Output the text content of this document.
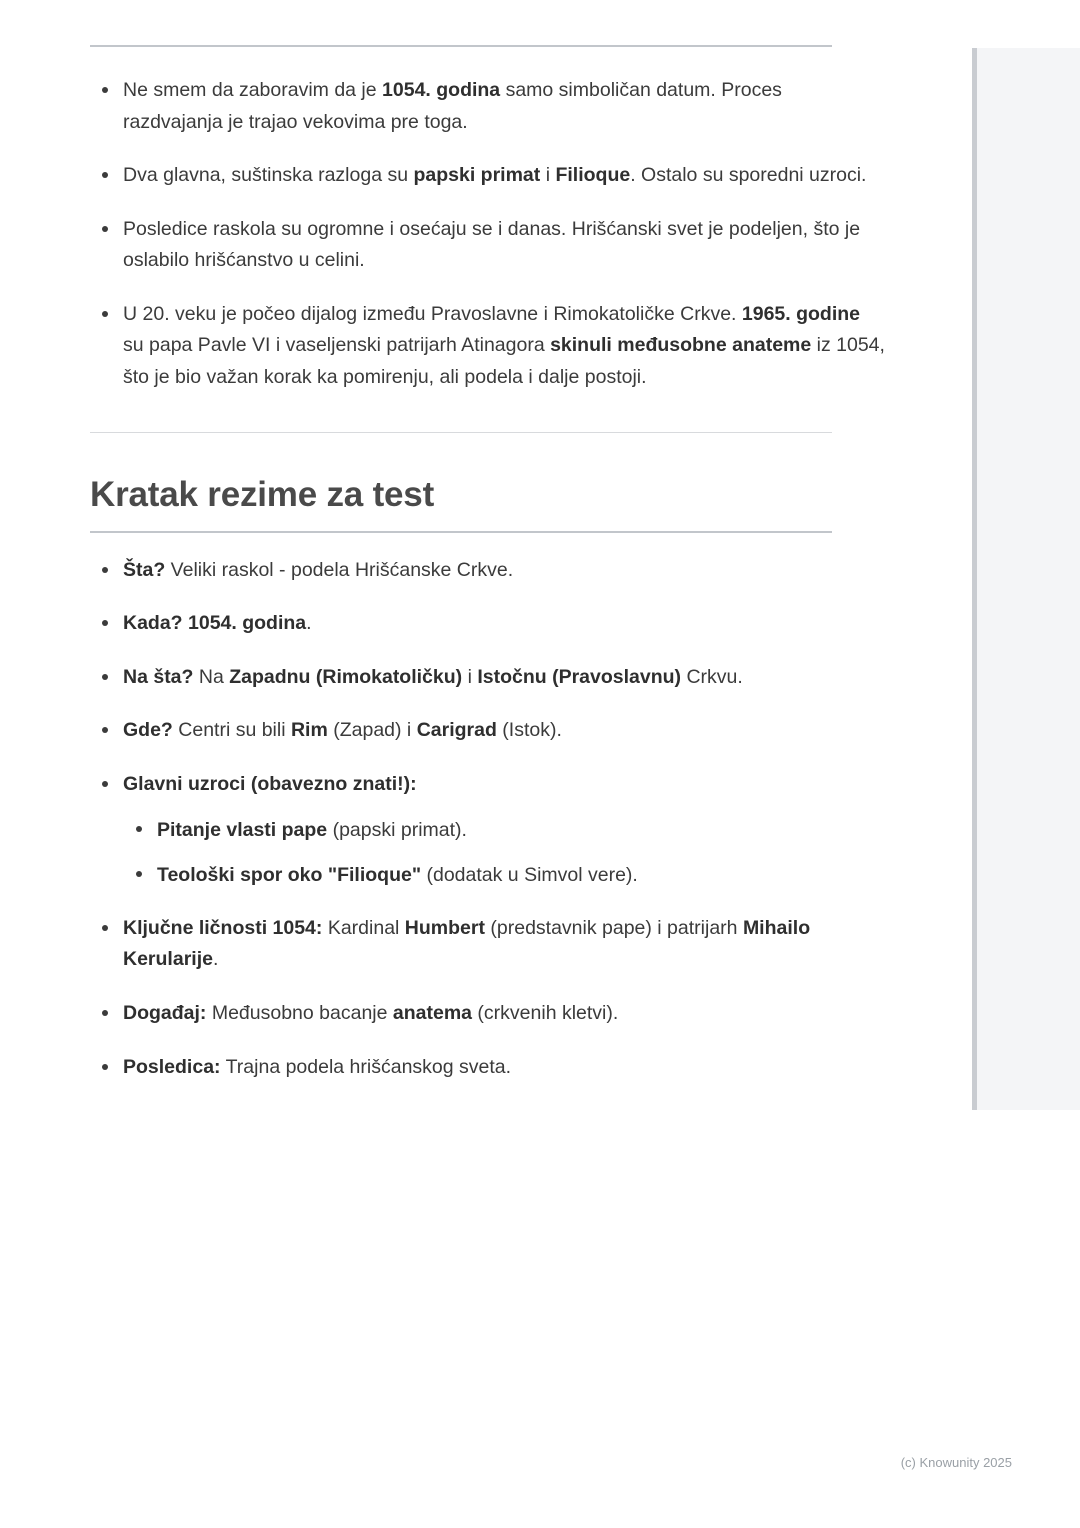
Ne smem da zaboravim da je 1054. godina samo simboličan datum. Proces razdvajanja je trajao vekovima pre toga.
Dva glavna, suštinska razloga su papski primat i Filioque. Ostalo su sporedni uzroci.
Posledice raskola su ogromne i osećaju se i danas. Hrišćanski svet je podeljen, što je oslabilo hrišćanstvo u celini.
U 20. veku je počeo dijalog između Pravoslavne i Rimokatoličke Crkve. 1965. godine su papa Pavle VI i vaseljenski patrijarh Atinagora skinuli međusobne anateme iz 1054, što je bio važan korak ka pomirenju, ali podela i dalje postoji.
Kratak rezime za test
Šta? Veliki raskol - podela Hrišćanske Crkve.
Kada? 1054. godina.
Na šta? Na Zapadnu (Rimokatoličku) i Istočnu (Pravoslavnu) Crkvu.
Gde? Centri su bili Rim (Zapad) i Carigrad (Istok).
Glavni uzroci (obavezno znati!):
Pitanje vlasti pape (papski primat).
Teološki spor oko "Filioque" (dodatak u Simvol vere).
Ključne ličnosti 1054: Kardinal Humbert (predstavnik pape) i patrijarh Mihailo Kerularije.
Događaj: Međusobno bacanje anatema (crkvenih kletvi).
Posledica: Trajna podela hrišćanskog sveta.
(c) Knowunity 2025
